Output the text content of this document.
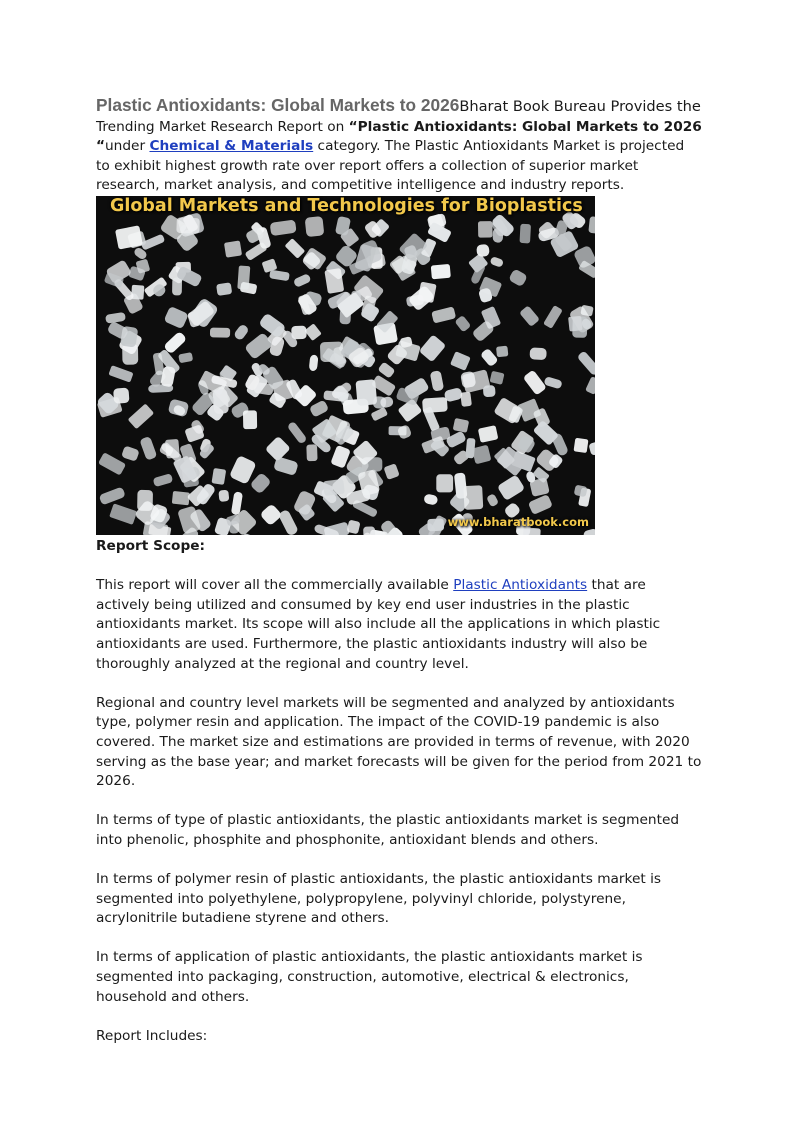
Plastic Antioxidants: Global Markets to 2026Bharat Book Bureau Provides the Trending Market Research Report on “Plastic Antioxidants: Global Markets to 2026 “under Chemical & Materials category. The Plastic Antioxidants Market is projected to exhibit highest growth rate over report offers a collection of superior market research, market analysis, and competitive intelligence and industry reports.

Global Markets and Technologies for Bioplastics
www.bharatbook.com
Report Scope:

This report will cover all the commercially available Plastic Antioxidants that are actively being utilized and consumed by key end user industries in the plastic antioxidants market. Its scope will also include all the applications in which plastic antioxidants are used. Furthermore, the plastic antioxidants industry will also be thoroughly analyzed at the regional and country level.

Regional and country level markets will be segmented and analyzed by antioxidants type, polymer resin and application. The impact of the COVID-19 pandemic is also covered. The market size and estimations are provided in terms of revenue, with 2020 serving as the base year; and market forecasts will be given for the period from 2021 to 2026.

In terms of type of plastic antioxidants, the plastic antioxidants market is segmented into phenolic, phosphite and phosphonite, antioxidant blends and others.

In terms of polymer resin of plastic antioxidants, the plastic antioxidants market is segmented into polyethylene, polypropylene, polyvinyl chloride, polystyrene, acrylonitrile butadiene styrene and others.

In terms of application of plastic antioxidants, the plastic antioxidants market is segmented into packaging, construction, automotive, electrical & electronics, household and others.

Report Includes:
